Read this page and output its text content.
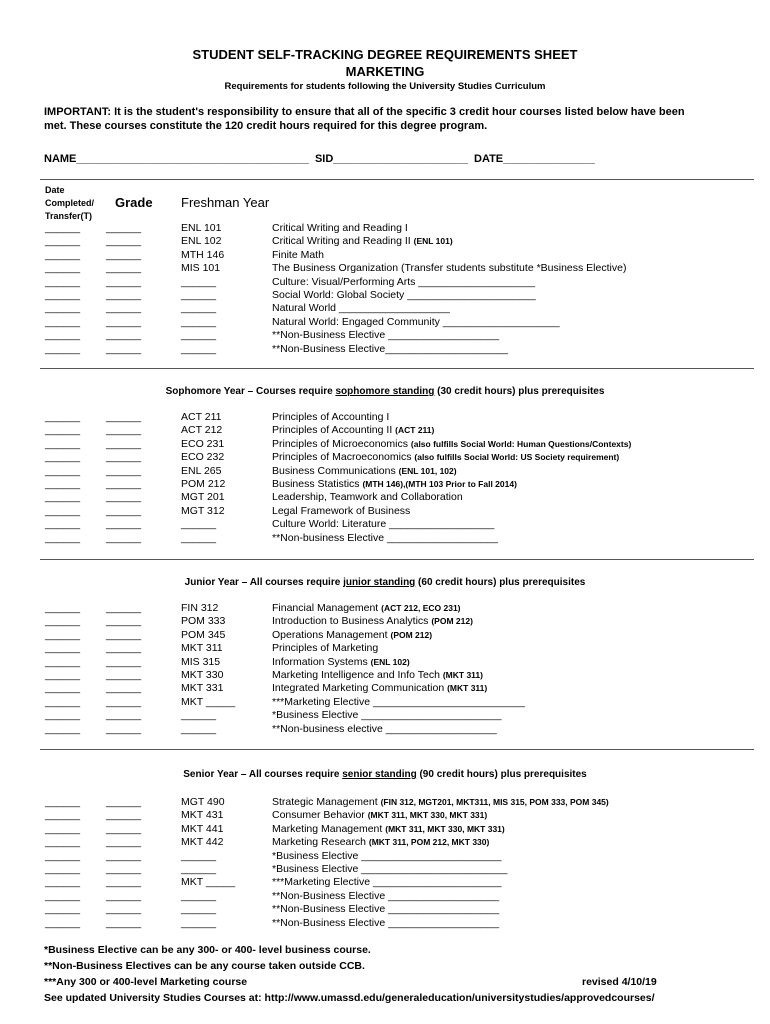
STUDENT SELF-TRACKING DEGREE REQUIREMENTS SHEET
MARKETING
Requirements for students following the University Studies Curriculum
IMPORTANT: It is the student's responsibility to ensure that all of the specific 3 credit hour courses listed below have been
met. These courses constitute the 120 credit hours required for this degree program.
NAME______________________________________  SID______________________  DATE_______________
Date
Completed/
Transfer(T)
Grade Freshman Year
______ ______	ENL 101	Critical Writing and Reading I
______ ______	ENL 102	Critical Writing and Reading II (ENL 101)
______ ______	MTH 146	Finite Math
______ ______	MIS 101	The Business Organization (Transfer students substitute *Business Elective)
______ ______	______	Culture: Visual/Performing Arts ____________________
______ ______	______	Social World: Global Society ______________________
______ ______	______	Natural World ___________________
______ ______	______	Natural World: Engaged Community ____________________
______ ______	______	**Non-Business Elective ___________________
______ ______	______	**Non-Business Elective_____________________
Sophomore Year – Courses require sophomore standing (30 credit hours) plus prerequisites
______ ______	ACT 211	Principles of Accounting I
______ ______	ACT 212	Principles of Accounting II (ACT 211)
______ ______	ECO 231	Principles of Microeconomics (also fulfills Social World: Human Questions/Contexts)
______ ______	ECO 232	Principles of Macroeconomics (also fulfills Social World: US Society requirement)
______ ______	ENL 265	Business Communications (ENL 101, 102)
______ ______	POM 212	Business Statistics (MTH 146),(MTH 103 Prior to Fall 2014)
______ ______	MGT 201	Leadership, Teamwork and Collaboration
______ ______	MGT 312	Legal Framework of Business
______ ______	______	Culture World: Literature __________________
______ ______	______	**Non-business Elective ___________________
Junior Year – All courses require junior standing (60 credit hours) plus prerequisites
______ ______	FIN 312	Financial Management (ACT 212, ECO 231)
______ ______	POM 333	Introduction to Business Analytics (POM 212)
______ ______	POM 345	Operations Management (POM 212)
______ ______	MKT 311	Principles of Marketing
______ ______	MIS 315	Information Systems (ENL 102)
______ ______	MKT 330	Marketing Intelligence and Info Tech (MKT 311)
______ ______	MKT 331	Integrated Marketing Communication (MKT 311)
______ ______	MKT _____	***Marketing Elective __________________________
______ ______	______	*Business Elective ________________________
______ ______	______	**Non-business elective ___________________
Senior Year – All courses require senior standing (90 credit hours) plus prerequisites
______ ______	MGT 490	Strategic Management (FIN 312, MGT201, MKT311, MIS 315, POM 333, POM 345)
______ ______	MKT 431	Consumer Behavior (MKT 311, MKT 330, MKT 331)
______ ______	MKT 441	Marketing Management (MKT 311, MKT 330, MKT 331)
______ ______	MKT 442	Marketing Research (MKT 311, POM 212, MKT 330)
______ ______	______	*Business Elective ________________________
______ ______	______	*Business Elective _________________________
______ ______	MKT _____	***Marketing Elective ______________________
______ ______	______	**Non-Business Elective ___________________
______ ______	______	**Non-Business Elective ___________________
______ ______	______	**Non-Business Elective ___________________
*Business Elective can be any 300- or 400- level business course.
**Non-Business Electives can be any course taken outside CCB.
***Any 300 or 400-level Marketing course	revised 4/10/19
See updated University Studies Courses at: http://www.umassd.edu/generaleducation/universitystudies/approvedcourses/
